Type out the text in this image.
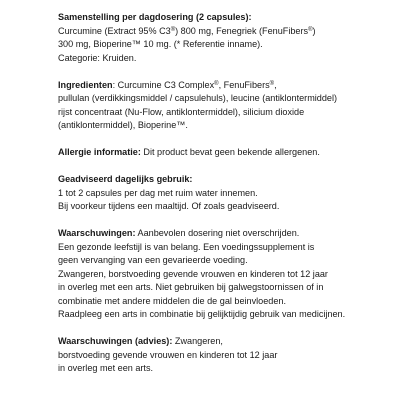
Samenstelling per dagdosering (2 capsules):
Curcumine (Extract 95% C3®) 800 mg, Fenegriek (FenuFibers®)
300 mg, Bioperine™ 10 mg. (* Referentie inname).
Categorie: Kruiden.
Ingredienten: Curcumine C3 Complex®, FenuFibers®,
pullulan (verdikkingsmiddel / capsulehuls), leucine (antiklontermiddel)
rijst concentraat (Nu-Flow, antiklontermiddel), silicium dioxide
(antiklontermiddel), Bioperine™.
Allergie informatie: Dit product bevat geen bekende allergenen.
Geadviseerd dagelijks gebruik:
1 tot 2 capsules per dag met ruim water innemen.
Bij voorkeur tijdens een maaltijd. Of zoals geadviseerd.
Waarschuwingen: Aanbevolen dosering niet overschrijden.
Een gezonde leefstijl is van belang. Een voedingssupplement is
geen vervanging van een gevarieerde voeding.
Zwangeren, borstvoeding gevende vrouwen en kinderen tot 12 jaar
in overleg met een arts. Niet gebruiken bij galwegstoornissen of in
combinatie met andere middelen die de gal beinvloeden.
Raadpleeg een arts in combinatie bij gelijktijdig gebruik van medicijnen.
Waarschuwingen (advies): Zwangeren,
borstvoeding gevende vrouwen en kinderen tot 12 jaar
in overleg met een arts.
